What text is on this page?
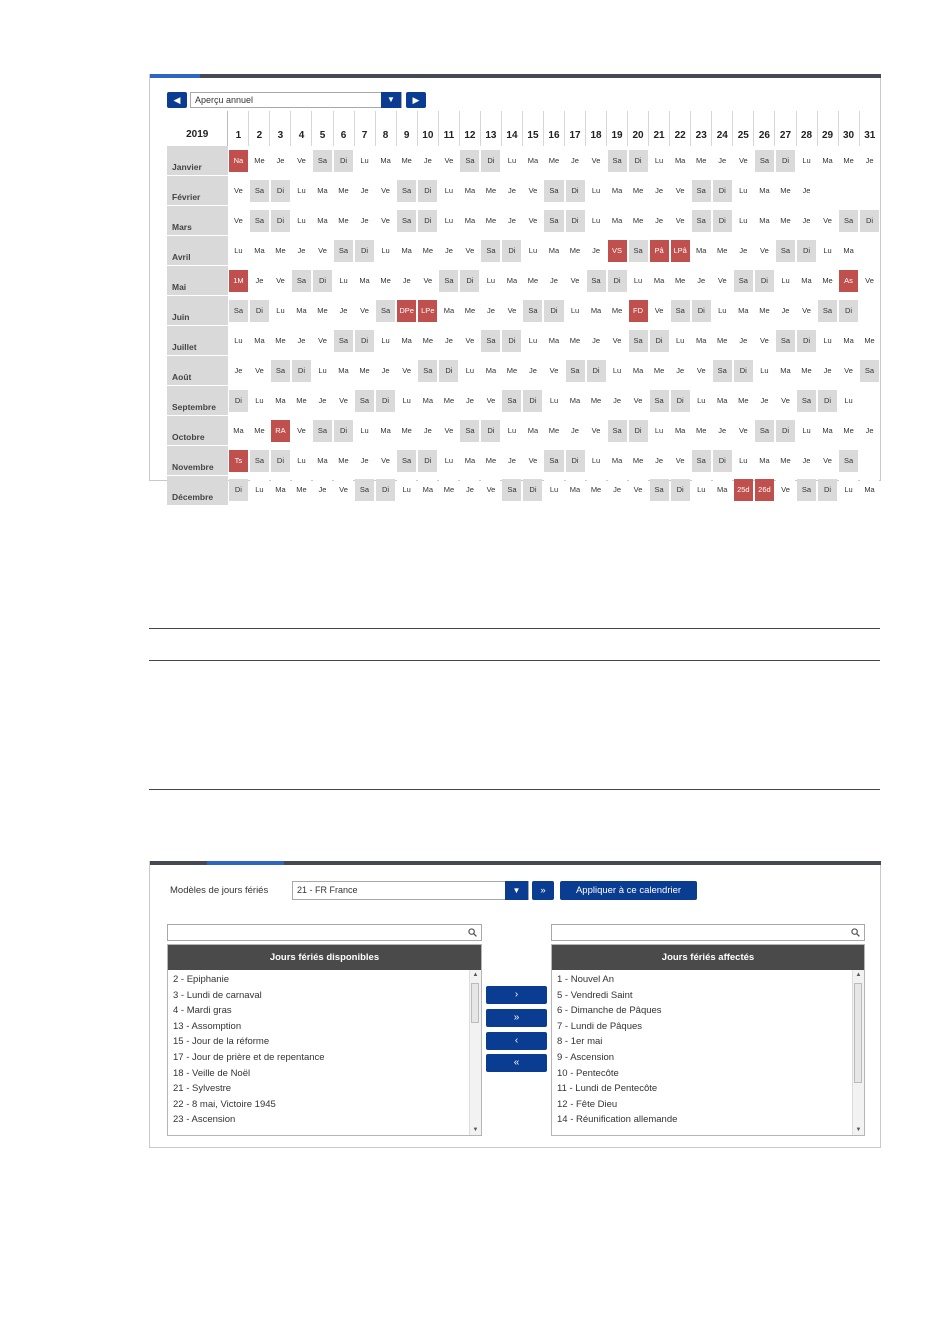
◀	Aperçu annuel	▼	▶
2019	1	2	3	4	5	6	7	8	9	10	11	12	13	14	15	16	17	18	19	20	21	22	23	24	25	26	27	28	29	30	31
Janvier	Na	Me	Je	Ve	Sa	Di	Lu	Ma	Me	Je	Ve	Sa	Di	Lu	Ma	Me	Je	Ve	Sa	Di	Lu	Ma	Me	Je	Ve	Sa	Di	Lu	Ma	Me	Je

Février	Ve	Sa	Di	Lu	Ma	Me	Je	Ve	Sa	Di	Lu	Ma	Me	Je	Ve	Sa	Di	Lu	Ma	Me	Je	Ve	Sa	Di	Lu	Ma	Me	Je			

Mars	Ve	Sa	Di	Lu	Ma	Me	Je	Ve	Sa	Di	Lu	Ma	Me	Je	Ve	Sa	Di	Lu	Ma	Me	Je	Ve	Sa	Di	Lu	Ma	Me	Je	Ve	Sa	Di

Avril	Lu	Ma	Me	Je	Ve	Sa	Di	Lu	Ma	Me	Je	Ve	Sa	Di	Lu	Ma	Me	Je	VS	Sa	Pâ	LPâ	Ma	Me	Je	Ve	Sa	Di	Lu	Ma	

Mai	1M	Je	Ve	Sa	Di	Lu	Ma	Me	Je	Ve	Sa	Di	Lu	Ma	Me	Je	Ve	Sa	Di	Lu	Ma	Me	Je	Ve	Sa	Di	Lu	Ma	Me	As	Ve

Juin	Sa	Di	Lu	Ma	Me	Je	Ve	Sa	DPe	LPe	Ma	Me	Je	Ve	Sa	Di	Lu	Ma	Me	FD	Ve	Sa	Di	Lu	Ma	Me	Je	Ve	Sa	Di	

Juillet	Lu	Ma	Me	Je	Ve	Sa	Di	Lu	Ma	Me	Je	Ve	Sa	Di	Lu	Ma	Me	Je	Ve	Sa	Di	Lu	Ma	Me	Je	Ve	Sa	Di	Lu	Ma	Me

Août	Je	Ve	Sa	Di	Lu	Ma	Me	Je	Ve	Sa	Di	Lu	Ma	Me	Je	Ve	Sa	Di	Lu	Ma	Me	Je	Ve	Sa	Di	Lu	Ma	Me	Je	Ve	Sa

Septembre	Di	Lu	Ma	Me	Je	Ve	Sa	Di	Lu	Ma	Me	Je	Ve	Sa	Di	Lu	Ma	Me	Je	Ve	Sa	Di	Lu	Ma	Me	Je	Ve	Sa	Di	Lu	

Octobre	Ma	Me	RA	Ve	Sa	Di	Lu	Ma	Me	Je	Ve	Sa	Di	Lu	Ma	Me	Je	Ve	Sa	Di	Lu	Ma	Me	Je	Ve	Sa	Di	Lu	Ma	Me	Je

Novembre	Ts	Sa	Di	Lu	Ma	Me	Je	Ve	Sa	Di	Lu	Ma	Me	Je	Ve	Sa	Di	Lu	Ma	Me	Je	Ve	Sa	Di	Lu	Ma	Me	Je	Ve	Sa	

Décembre	Di	Lu	Ma	Me	Je	Ve	Sa	Di	Lu	Ma	Me	Je	Ve	Sa	Di	Lu	Ma	Me	Je	Ve	Sa	Di	Lu	Ma	25d	26d	Ve	Sa	Di	Lu	Ma
Modèles de jours fériés	21 - FR France	▼	»	Appliquer à ce calendrier
Jours fériés disponibles
2 - Epiphanie
3 - Lundi de carnaval
4 - Mardi gras
13 - Assomption
15 - Jour de la réforme
17 - Jour de prière et de repentance
18 - Veille de Noël
21 - Sylvestre
22 - 8 mai, Victoire 1945
23 - Ascension
▲
▼
›
»
‹
«
Jours fériés affectés
1 - Nouvel An
5 - Vendredi Saint
6 - Dimanche de Pâques
7 - Lundi de Pâques
8 - 1er mai
9 - Ascension
10 - Pentecôte
11 - Lundi de Pentecôte
12 - Fête Dieu
14 - Réunification allemande
▲
▼
